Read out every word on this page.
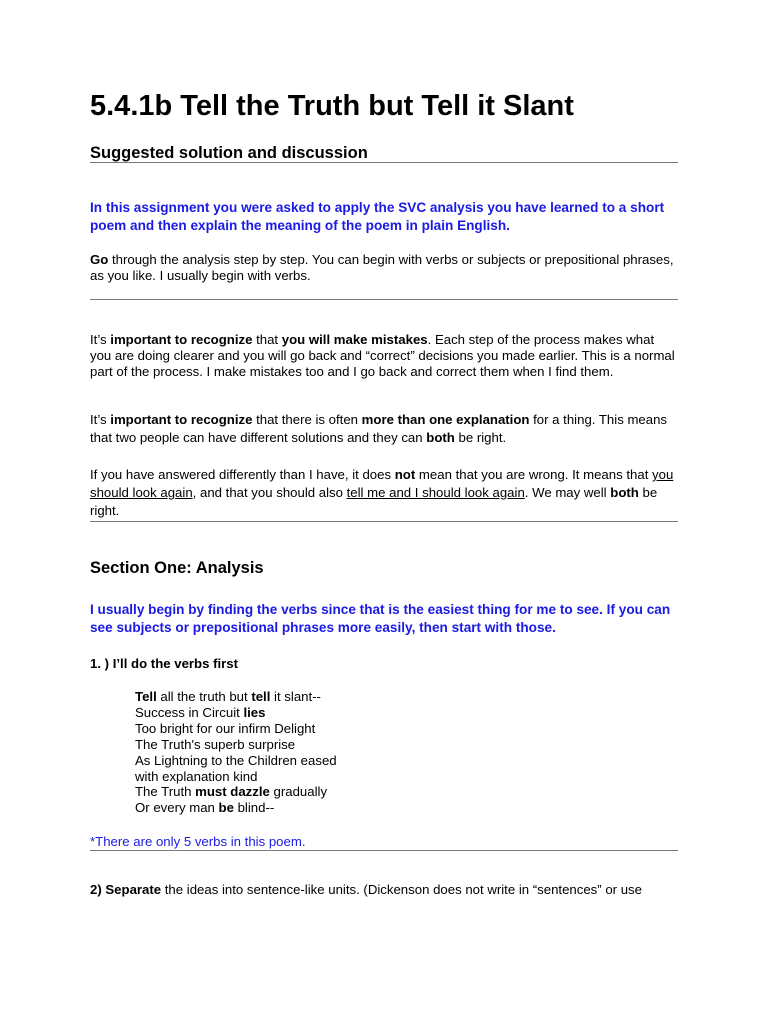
5.4.1b Tell the Truth but Tell it Slant
Suggested solution and discussion

In this assignment you were asked to apply the SVC analysis you have learned to a short poem and then explain the meaning of the poem in plain English.

Go through the analysis step by step. You can begin with verbs or subjects or prepositional phrases, as you like. I usually begin with verbs.

It’s important to recognize that you will make mistakes. Each step of the process makes what you are doing clearer and you will go back and “correct” decisions you made earlier. This is a normal part of the process. I make mistakes too and I go back and correct them when I find them.

It’s important to recognize that there is often more than one explanation for a thing. This means that two people can have different solutions and they can both be right.

If you have answered differently than I have, it does not mean that you are wrong. It means that you should look again, and that you should also tell me and I should look again. We may well both be right.

Section One: Analysis

I usually begin by finding the verbs since that is the easiest thing for me to see. If you can see subjects or prepositional phrases more easily, then start with those.

1. ) I’ll do the verbs first

Tell all the truth but tell it slant--
Success in Circuit lies
Too bright for our infirm Delight
The Truth's superb surprise
As Lightning to the Children eased
with explanation kind
The Truth must dazzle gradually
Or every man be blind--

*There are only 5 verbs in this poem.

2) Separate the ideas into sentence-like units. (Dickenson does not write in “sentences” or use
